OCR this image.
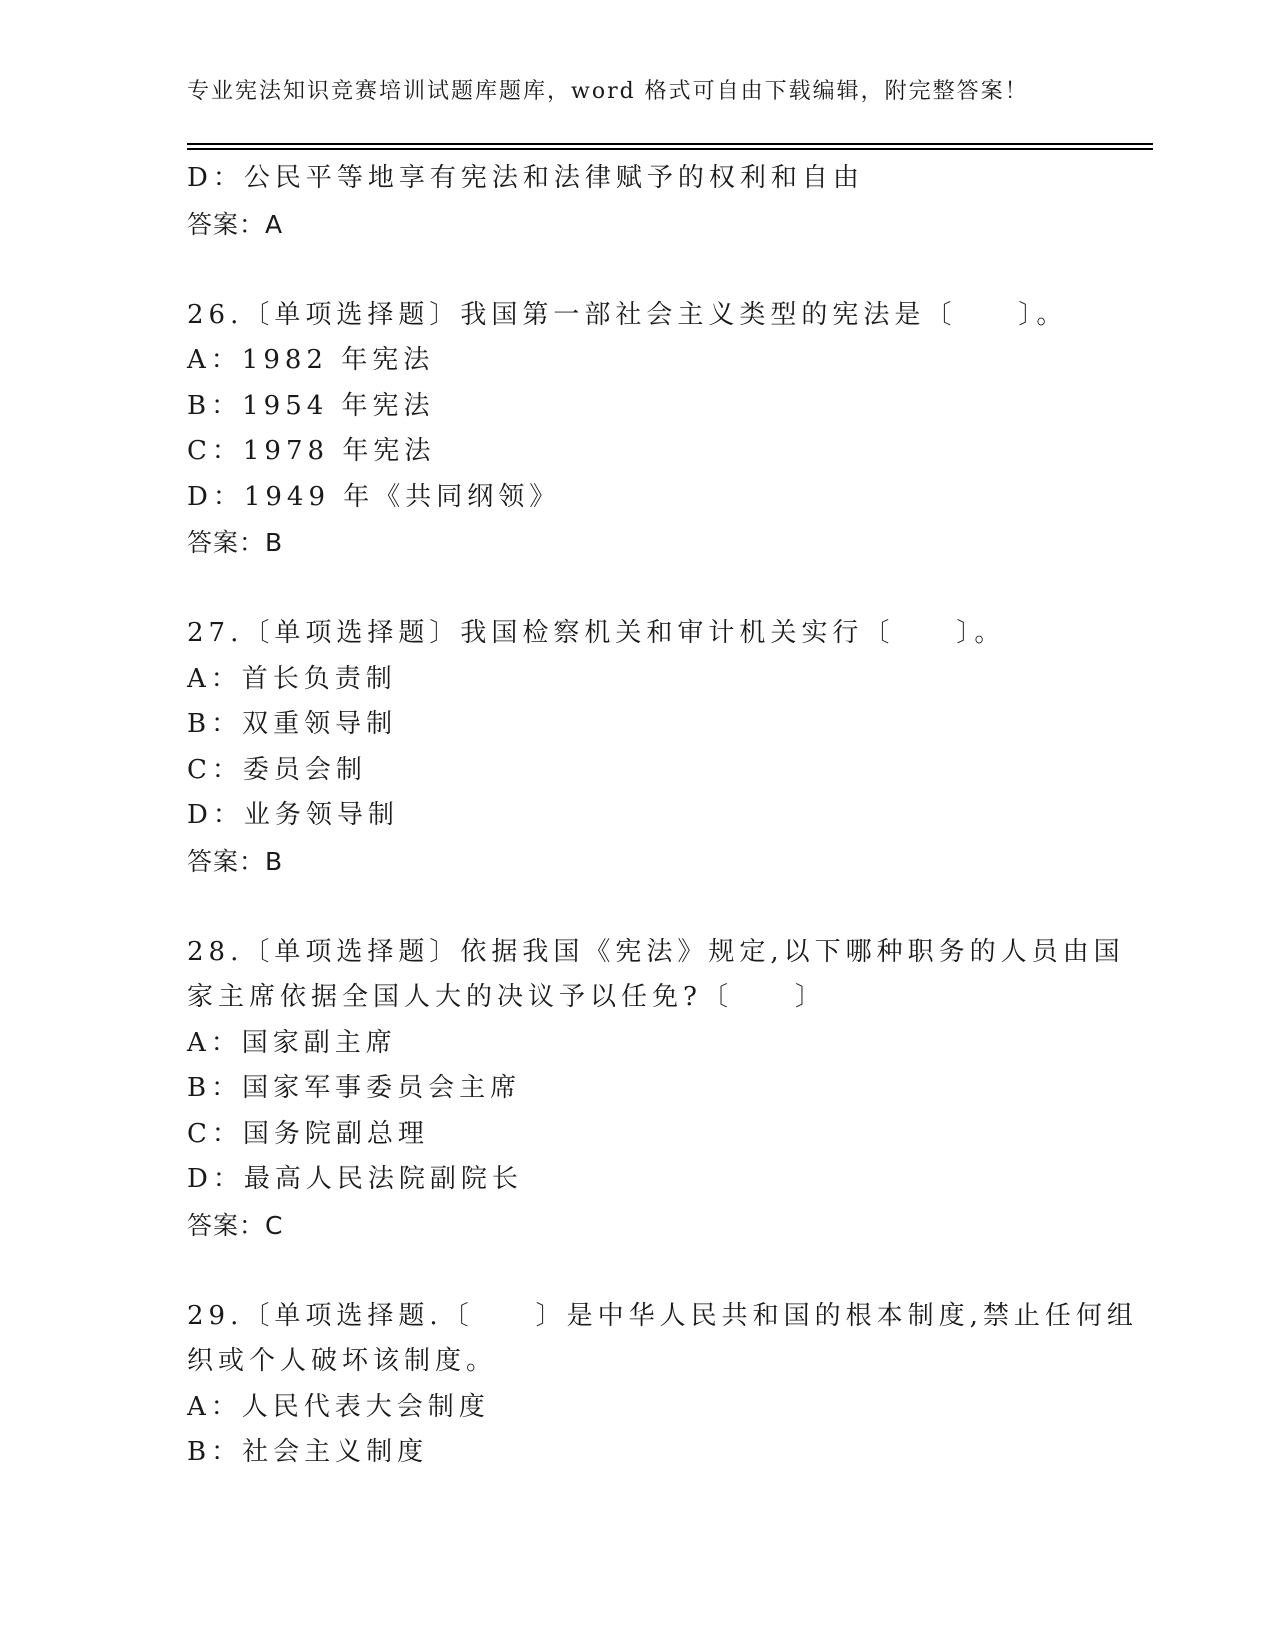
专业宪法知识竞赛培训试题库题库，word 格式可自由下载编辑，附完整答案！
D：公民平等地享有宪法和法律赋予的权利和自由
答案：A
26.〔单项选择题〕我国第一部社会主义类型的宪法是〔　　〕。
A：1982 年宪法
B：1954 年宪法
C：1978 年宪法
D：1949 年《共同纲领》
答案：B
27.〔单项选择题〕我国检察机关和审计机关实行〔　　〕。
A：首长负责制
B：双重领导制
C：委员会制
D：业务领导制
答案：B
28.〔单项选择题〕依据我国《宪法》规定,以下哪种职务的人员由国
家主席依据全国人大的决议予以任免?〔　　〕
A：国家副主席
B：国家军事委员会主席
C：国务院副总理
D：最高人民法院副院长
答案：C
29.〔单项选择题.〔　　〕是中华人民共和国的根本制度,禁止任何组
织或个人破坏该制度。
A：人民代表大会制度
B：社会主义制度
